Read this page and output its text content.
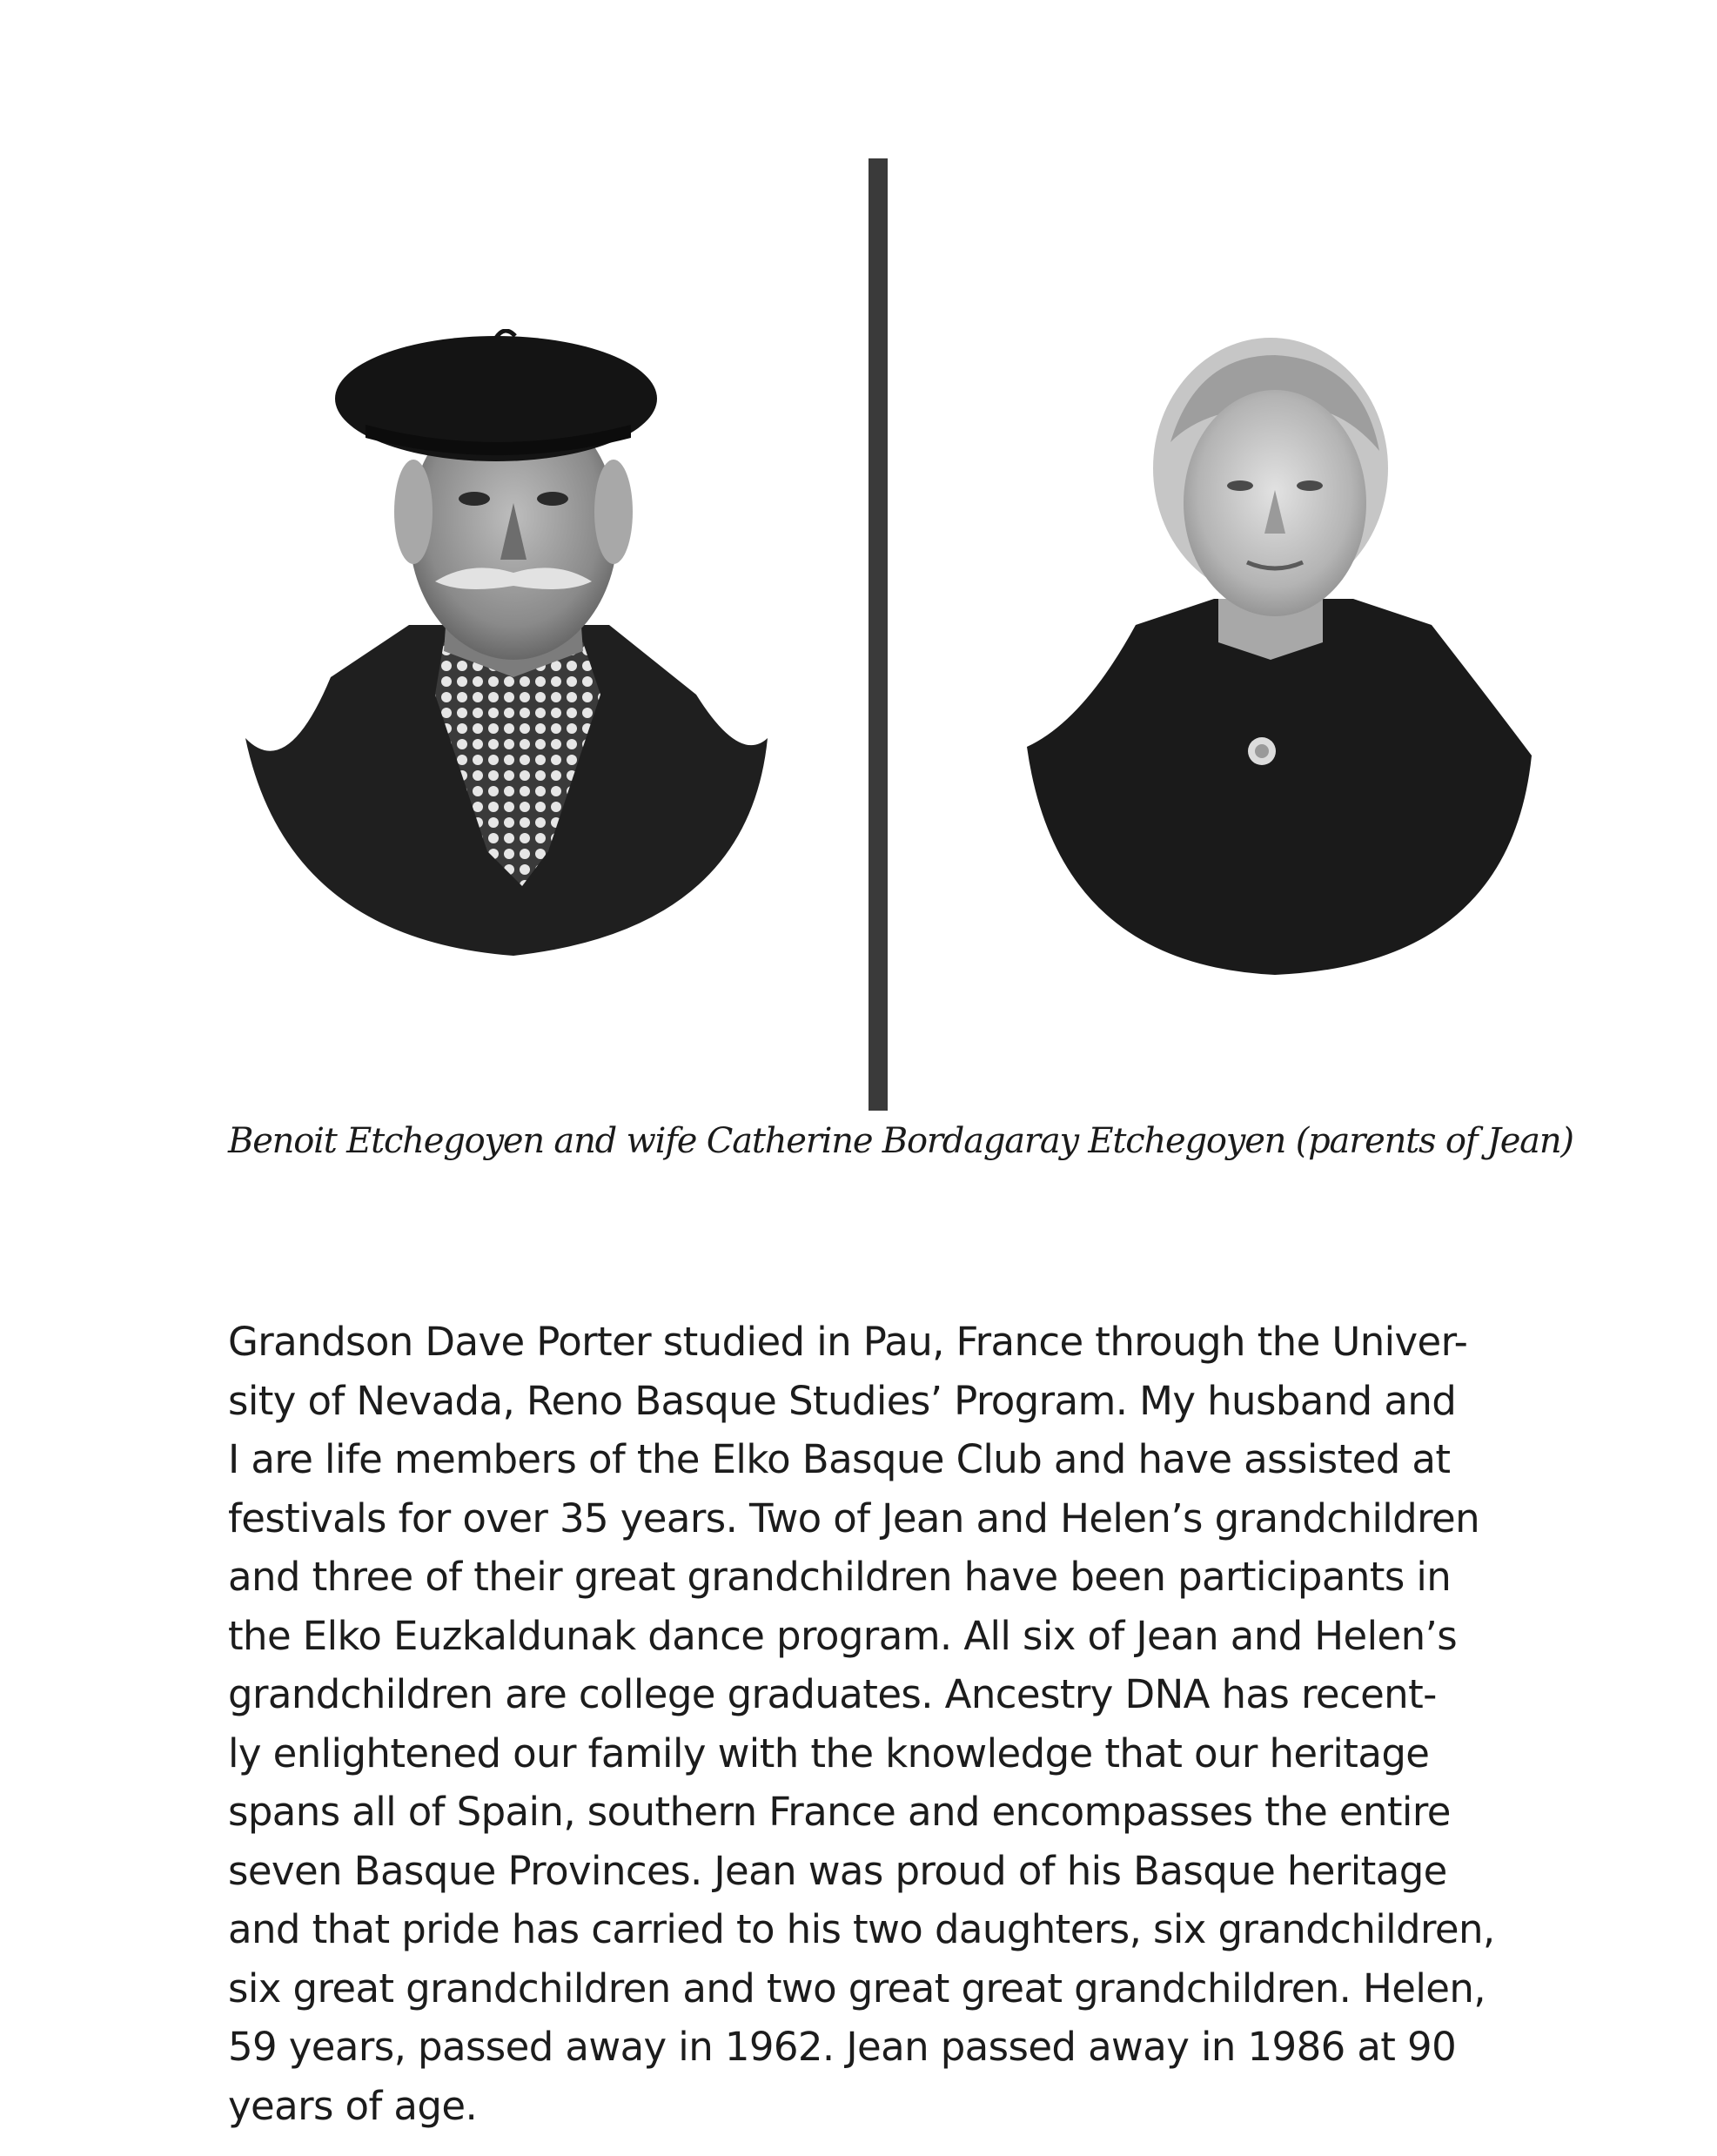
Benoit Etchegoyen and wife Catherine Bordagaray Etchegoyen (parents of Jean)

Grandson Dave Porter studied in Pau, France through the Univer-
sity of Nevada, Reno Basque Studies’ Program. My husband and
I are life members of the Elko Basque Club and have assisted at
festivals for over 35 years. Two of Jean and Helen’s grandchildren
and three of their great grandchildren have been participants in
the Elko Euzkaldunak dance program. All six of Jean and Helen’s
grandchildren are college graduates. Ancestry DNA has recent-
ly enlightened our family with the knowledge that our heritage
spans all of Spain, southern France and encompasses the entire
seven Basque Provinces. Jean was proud of his Basque heritage
and that pride has carried to his two daughters, six grandchildren,
six great grandchildren and two great great grandchildren. Helen,
59 years, passed away in 1962. Jean passed away in 1986 at 90
years of age.
